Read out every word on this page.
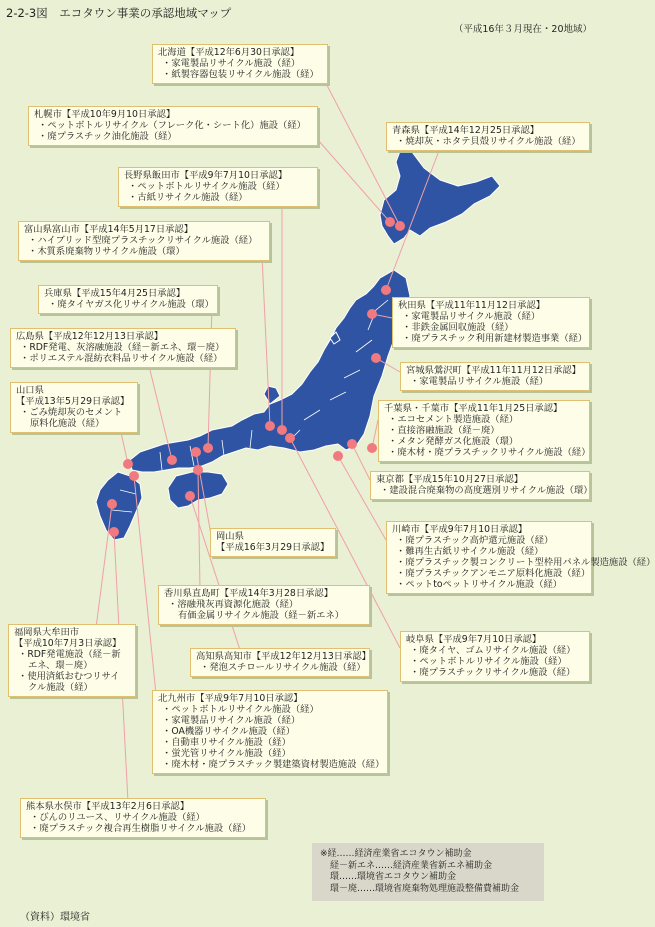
2-2-3図　エコタウン事業の承認地域マップ
（平成16年３月現在・20地域）
北海道【平成12年6月30日承認】
・ 家電製品リサイクル施設（経）
・ 紙製容器包装リサイクル施設（経）
札幌市【平成10年9月10日承認】
・ ペットボトルリサイクル（フレーク化・シート化）施設（経）
・ 廃プラスチック油化施設（経）
青森県【平成14年12月25日承認】
・ 焼却灰・ホタテ貝殻リサイクル施設（経）
長野県飯田市【平成9年7月10日承認】
・ ペットボトルリサイクル施設（経）
・ 古紙リサイクル施設（経）
富山県富山市【平成14年5月17日承認】
・ ハイブリッド型廃プラスチックリサイクル施設（経）
・ 木質系廃棄物リサイクル施設（環）
兵庫県【平成15年4月25日承認】
・ 廃タイヤガス化リサイクル施設（環）
広島県【平成12年12月13日承認】
・ RDF発電、灰溶融施設（経－新エネ、環－廃）
・ ポリエステル混紡衣料品リサイクル施設（経）
山口県
【平成13年5月29日承認】
・ ごみ焼却灰のセメント
原料化施設（経）
秋田県【平成11年11月12日承認】
・ 家電製品リサイクル施設（経）
・ 非鉄金属回収施設（経）
・ 廃プラスチック利用新建材製造事業（経）
宮城県鶯沢町【平成11年11月12日承認】
・ 家電製品リサイクル施設（経）
千葉県・千葉市【平成11年1月25日承認】
・ エコセメント製造施設（経）
・ 直接溶融施設（経－廃）
・ メタン発酵ガス化施設（環）
・ 廃木材・廃プラスチックリサイクル施設（経）
東京都【平成15年10月27日承認】
・ 建設混合廃棄物の高度選別リサイクル施設（環）
岡山県
【平成16年3月29日承認】
川崎市【平成9年7月10日承認】
・ 廃プラスチック高炉還元施設（経）
・ 難再生古紙リサイクル施設（経）
・ 廃プラスチック製コンクリート型枠用パネル製造施設（経）
・ 廃プラスチックアンモニア原料化施設（経）
・ ペットtoペットリサイクル施設（経）
香川県直島町【平成14年3月28日承認】
・ 溶融飛灰再資源化施設（経）
有価金属リサイクル施設（経－新エネ）
岐阜県【平成9年7月10日承認】
・ 廃タイヤ、ゴムリサイクル施設（経）
・ ペットボトルリサイクル施設（経）
・ 廃プラスチックリサイクル施設（経）
高知県高知市【平成12年12月13日承認】
・ 発泡スチロールリサイクル施設（経）
福岡県大牟田市
【平成10年7月3日承認】
・ RDF発電施設（経－新
エネ、環－廃）
・ 使用済紙おむつリサイ
クル施設（経）
北九州市【平成9年7月10日承認】
・ ペットボトルリサイクル施設（経）
・ 家電製品リサイクル施設（経）
・ OA機器リサイクル施設（経）
・ 自動車リサイクル施設（経）
・ 蛍光管リサイクル施設（経）
・ 廃木材・廃プラスチック製建築資材製造施設（経）
熊本県水俣市【平成13年2月6日承認】
・ びんのリユース、リサイクル施設（経）
・ 廃プラスチック複合再生樹脂リサイクル施設（経）
※経……経済産業省エコタウン補助金
経－新エネ……経済産業省新エネ補助金
環……環境省エコタウン補助金
環－廃……環境省廃棄物処理施設整備費補助金
（資料）環境省
